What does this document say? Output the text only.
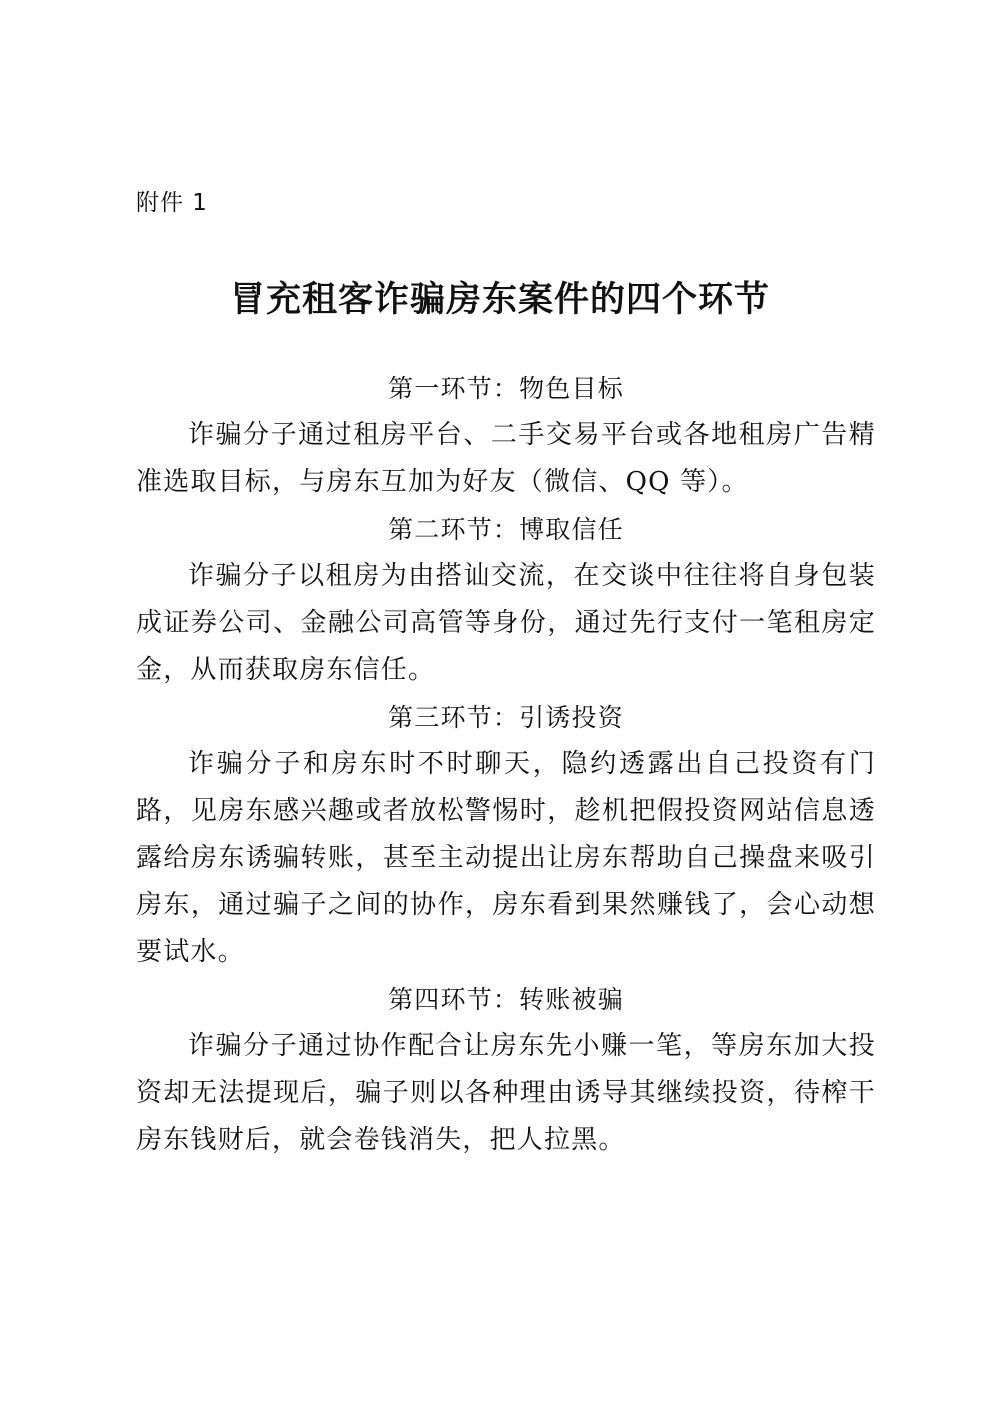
附件 1
冒充租客诈骗房东案件的四个环节

第一环节：物色目标

诈骗分子通过租房平台、二手交易平台或各地租房广告精准选取目标，与房东互加为好友（微信、QQ 等）。

第二环节：博取信任

诈骗分子以租房为由搭讪交流，在交谈中往往将自身包装成证券公司、金融公司高管等身份，通过先行支付一笔租房定金，从而获取房东信任。

第三环节：引诱投资

诈骗分子和房东时不时聊天，隐约透露出自己投资有门路，见房东感兴趣或者放松警惕时，趁机把假投资网站信息透露给房东诱骗转账，甚至主动提出让房东帮助自己操盘来吸引房东，通过骗子之间的协作，房东看到果然赚钱了，会心动想要试水。

第四环节：转账被骗

诈骗分子通过协作配合让房东先小赚一笔，等房东加大投资却无法提现后，骗子则以各种理由诱导其继续投资，待榨干房东钱财后，就会卷钱消失，把人拉黑。
